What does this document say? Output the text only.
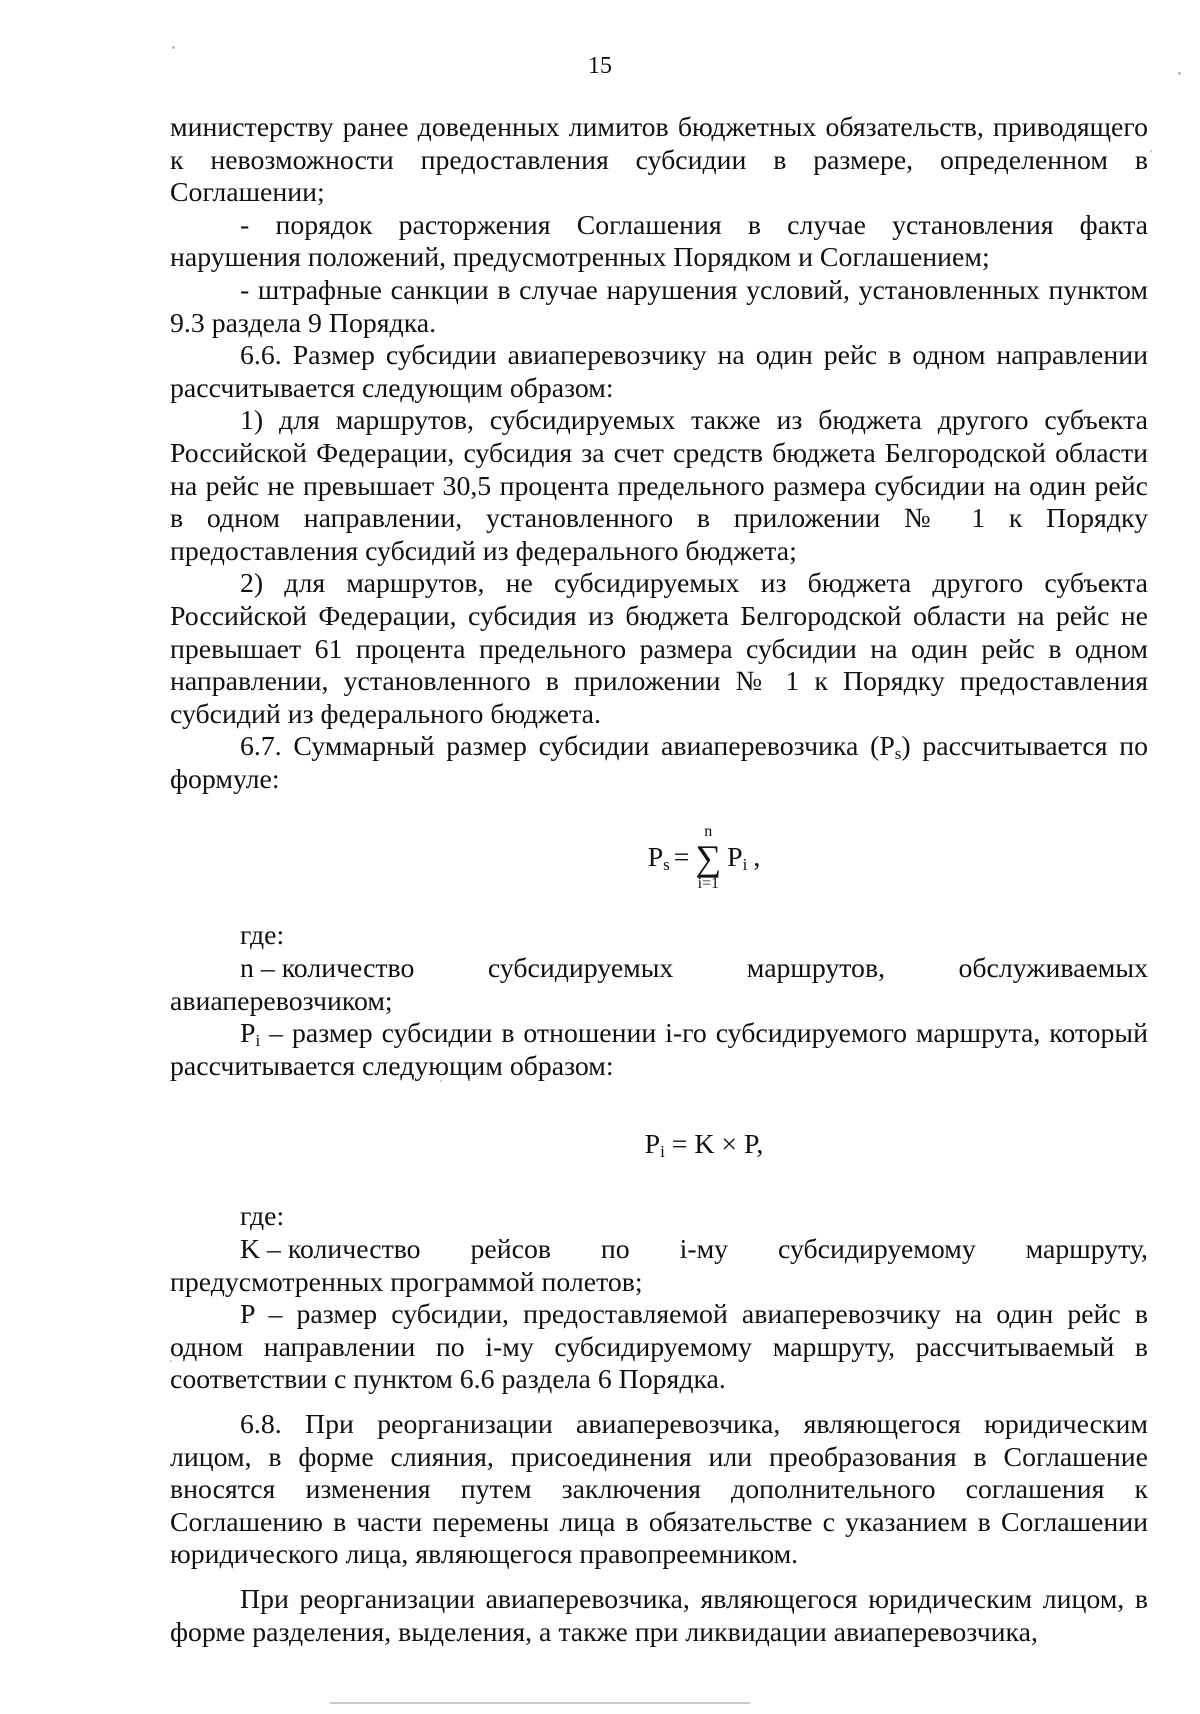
15

министерству ранее доведенных лимитов бюджетных обязательств, приводящего к невозможности предоставления субсидии в размере, определенном в Соглашении;

- порядок расторжения Соглашения в случае установления факта нарушения положений, предусмотренных Порядком и Соглашением;

- штрафные санкции в случае нарушения условий, установленных пунктом 9.3 раздела 9 Порядка.

6.6. Размер субсидии авиаперевозчику на один рейс в одном направлении рассчитывается следующим образом:

1) для маршрутов, субсидируемых также из бюджета другого субъекта Российской Федерации, субсидия за счет средств бюджета Белгородской области на рейс не превышает 30,5 процента предельного размера субсидии на один рейс в одном направлении, установленного в приложении № 1 к Порядку предоставления субсидий из федерального бюджета;

2) для маршрутов, не субсидируемых из бюджета другого субъекта Российской Федерации, субсидия из бюджета Белгородской области на рейс не превышает 61 процента предельного размера субсидии на один рейс в одном направлении, установленного в приложении № 1 к Порядку предоставления субсидий из федерального бюджета.

6.7. Суммарный размер субсидии авиаперевозчика $(P_s)$ рассчитывается по формуле:

$P_s$ =
n
∑
i=1
$P_i$ ,

где:

n – количество	субсидируемых	маршрутов,	обслуживаемых

авиаперевозчиком;

$P_i$ – размер субсидии в отношении i-го субсидируемого маршрута, который рассчитывается следующим образом:

$P_i = K \times P$,

где:

K – количество рейсов по i-му субсидируемому маршруту,

предусмотренных программой полетов;

P – размер субсидии, предоставляемой авиаперевозчику на один рейс в одном направлении по i-му субсидируемому маршруту, рассчитываемый в соответствии с пунктом 6.6 раздела 6 Порядка.

6.8. При реорганизации авиаперевозчика, являющегося юридическим лицом, в форме слияния, присоединения или преобразования в Соглашение вносятся изменения путем заключения дополнительного соглашения к Соглашению в части перемены лица в обязательстве с указанием в Соглашении юридического лица, являющегося правопреемником.

При реорганизации авиаперевозчика, являющегося юридическим лицом, в форме разделения, выделения, а также при ликвидации авиаперевозчика,
